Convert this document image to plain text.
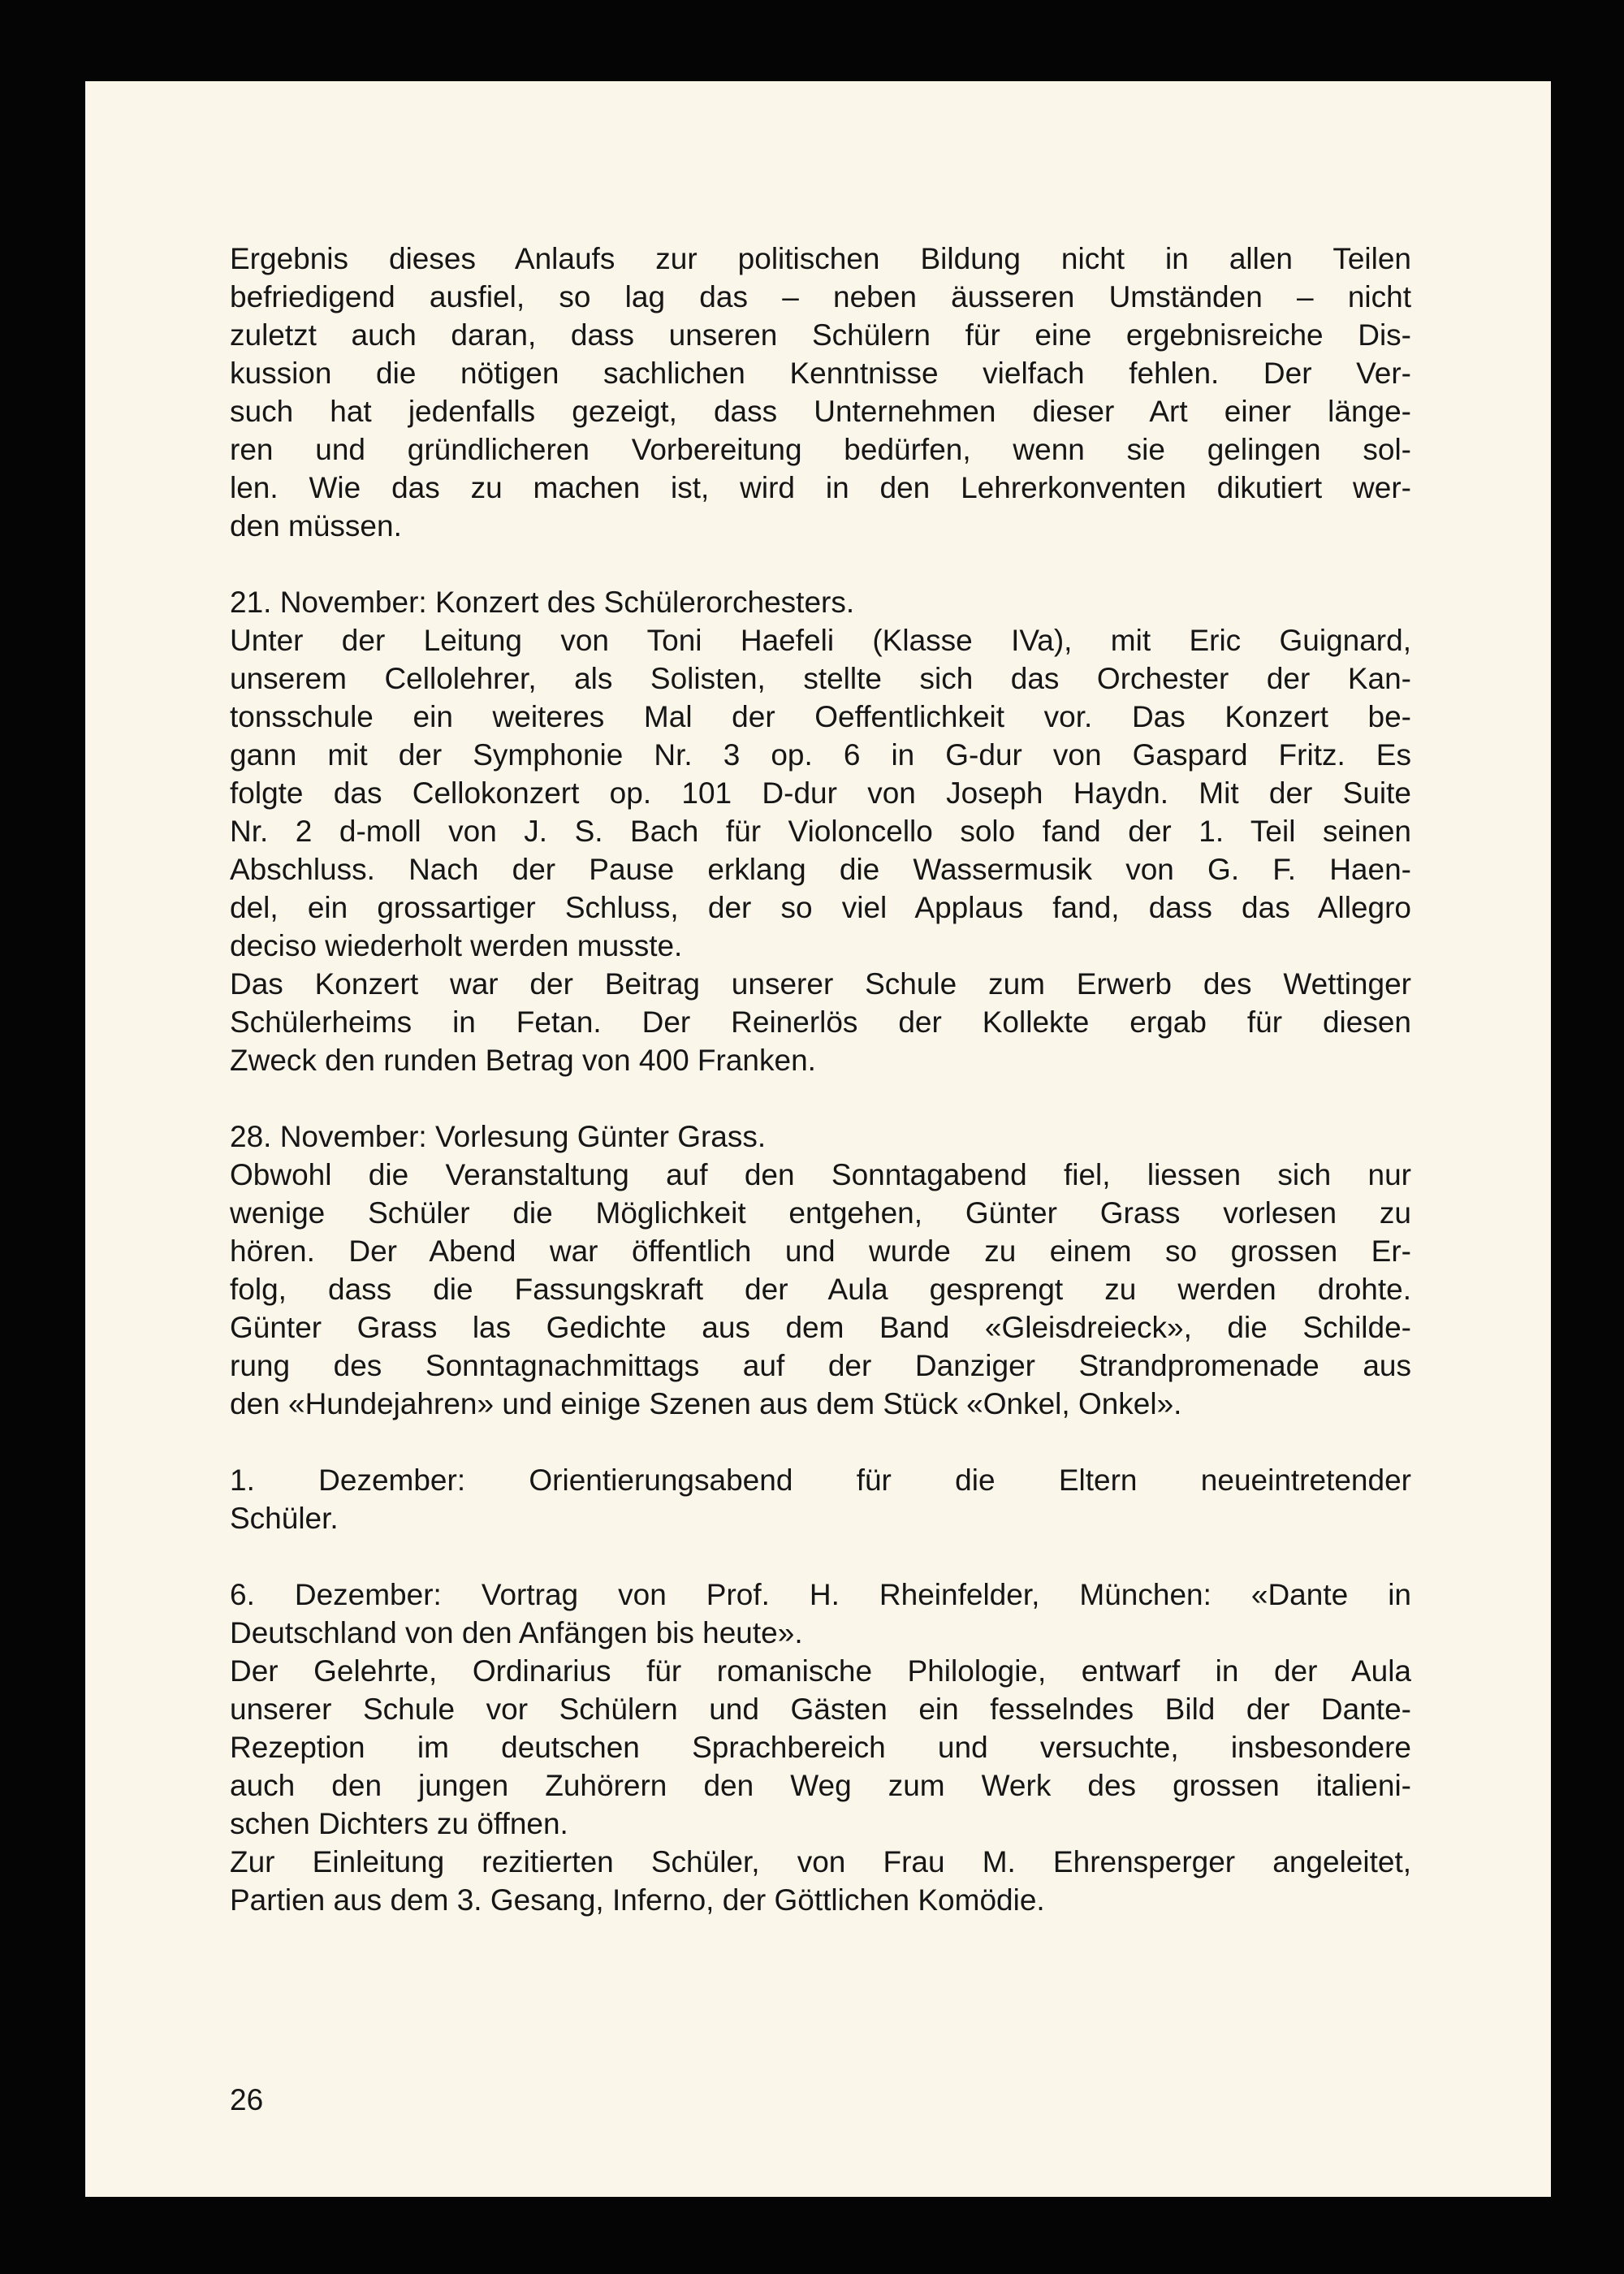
Ergebnis dieses Anlaufs zur politischen Bildung nicht in allen Teilen
befriedigend ausfiel, so lag das – neben äusseren Umständen – nicht
zuletzt auch daran, dass unseren Schülern für eine ergebnisreiche Dis-
kussion die nötigen sachlichen Kenntnisse vielfach fehlen. Der Ver-
such hat jedenfalls gezeigt, dass Unternehmen dieser Art einer länge-
ren und gründlicheren Vorbereitung bedürfen, wenn sie gelingen sol-
len. Wie das zu machen ist, wird in den Lehrerkonventen dikutiert wer-
den müssen.
21. November: Konzert des Schülerorchesters.
Unter der Leitung von Toni Haefeli (Klasse IVa), mit Eric Guignard,
unserem Cellolehrer, als Solisten, stellte sich das Orchester der Kan-
tonsschule ein weiteres Mal der Oeffentlichkeit vor. Das Konzert be-
gann mit der Symphonie Nr. 3 op. 6 in G-dur von Gaspard Fritz. Es
folgte das Cellokonzert op. 101 D-dur von Joseph Haydn. Mit der Suite
Nr. 2 d-moll von J. S. Bach für Violoncello solo fand der 1. Teil seinen
Abschluss. Nach der Pause erklang die Wassermusik von G. F. Haen-
del, ein grossartiger Schluss, der so viel Applaus fand, dass das Allegro
deciso wiederholt werden musste.
Das Konzert war der Beitrag unserer Schule zum Erwerb des Wettinger
Schülerheims in Fetan. Der Reinerlös der Kollekte ergab für diesen
Zweck den runden Betrag von 400 Franken.
28. November: Vorlesung Günter Grass.
Obwohl die Veranstaltung auf den Sonntagabend fiel, liessen sich nur
wenige Schüler die Möglichkeit entgehen, Günter Grass vorlesen zu
hören. Der Abend war öffentlich und wurde zu einem so grossen Er-
folg, dass die Fassungskraft der Aula gesprengt zu werden drohte.
Günter Grass las Gedichte aus dem Band «Gleisdreieck», die Schilde-
rung des Sonntagnachmittags auf der Danziger Strandpromenade aus
den «Hundejahren» und einige Szenen aus dem Stück «Onkel, Onkel».
1. Dezember: Orientierungsabend für die Eltern neueintretender
Schüler.
6. Dezember: Vortrag von Prof. H. Rheinfelder, München: «Dante in
Deutschland von den Anfängen bis heute».
Der Gelehrte, Ordinarius für romanische Philologie, entwarf in der Aula
unserer Schule vor Schülern und Gästen ein fesselndes Bild der Dante-
Rezeption im deutschen Sprachbereich und versuchte, insbesondere
auch den jungen Zuhörern den Weg zum Werk des grossen italieni-
schen Dichters zu öffnen.
Zur Einleitung rezitierten Schüler, von Frau M. Ehrensperger angeleitet,
Partien aus dem 3. Gesang, Inferno, der Göttlichen Komödie.
26
